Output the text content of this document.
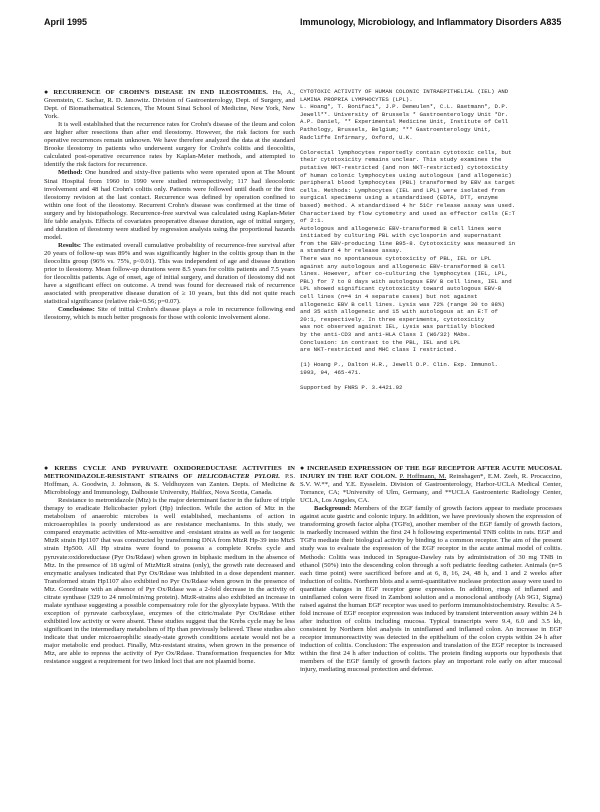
April 1995	Immunology, Microbiology, and Inflammatory Disorders A835

● RECURRENCE OF CROHN'S DISEASE IN END ILEOSTOMIES. Hu, A., Greenstein, C. Sachar, R. D. Janowitz. Division of Gastroenterology, Dept. of Surgery, and Dept. of Biomathematical Sciences, The Mount Sinai School of Medicine, New York, New York.

It is well established that the recurrence rates for Crohn's disease of the ileum and colon are higher after resections than after end ileostomy. However, the risk factors for such operative recurrences remain unknown. We have therefore analyzed the data at the standard Brooke ileostomy in patients who underwent surgery for Crohn's colitis and ileocolitis, calculated post-operative recurrence rates by Kaplan-Meier methods, and attempted to identify the risk factors for recurrence.

Method: One hundred and sixty-five patients who were operated upon at The Mount Sinai Hospital from 1960 to 1990 were studied retrospectively; 117 had ileocolonic involvement and 48 had Crohn's colitis only. Patients were followed until death or the first ileostomy revision at the last contact. Recurrence was defined by operation confined to within one foot of the ileostomy. Recurrent Crohn's disease was confirmed at the time of surgery and by histopathology. Recurrence-free survival was calculated using Kaplan-Meier life table analysis. Effects of covariates preoperative disease duration, age of initial surgery, and duration of ileostomy were studied by regression analysis using the proportional hazards model.

Results: The estimated overall cumulative probability of recurrence-free survival after 20 years of follow-up was 89% and was significantly higher in the colitis group than in the ileocolitis group (96% vs. 75%, p<0.01). This was independent of age and disease duration prior to ileostomy. Mean follow-up durations were 8.5 years for colitis patients and 7.5 years for ileocolitis patients. Age of onset, age of initial surgery, and duration of ileostomy did not have a significant effect on outcome. A trend was found for decreased risk of recurrence associated with preoperative disease duration of ≥ 10 years, but this did not quite reach statistical significance (relative risk=0.56; p=0.07).

Conclusions: Site of initial Crohn's disease plays a role in recurrence following end ileostomy, which is much better prognosis for those with colonic involvement alone.

CYTOTOXIC ACTIVITY OF HUMAN COLONIC INTRAEPITHELIAL (IEL) AND
LAMINA PROPRIA LYMPHOCYTES (LPL).
L. Hoang*, T. Bonifaci*, J.P. Demeulen*, C.L. Baetmann*, D.P.
Jewell**. University of Brussels * Gastroenterology Unit *Dr.
A.P. Daniel, ** Experimental Medicine Unit, Institute of Cell
Pathology, Brussels, Belgium; *** Gastroenterology Unit,
Radcliffe Infirmary, Oxford, U.K.

Colorectal lymphocytes reportedly contain cytotoxic cells, but
their cytotoxicity remains unclear. This study examines the
putative NKT-restricted (and non NKT-restricted) cytotoxicity
of human colonic lymphocytes using autologous (and allogeneic)
peripheral blood lymphocytes (PBL) transformed by EBV as target
cells. Methods: Lymphocytes (IEL and LPL) were isolated from
surgical specimens using a standardised (EDTA, DTT, enzyme
based) method. A standardised 4 hr 51Cr release assay was used.
Characterised by flow cytometry and used as effector cells (E:T
of 2:1.
Autologous and allogeneic EBV-transformed B cell lines were
initiated by culturing PBL with cyclosporin and supernatant
from the EBV-producing line B95-8. Cytotoxicity was measured in
a standard 4 hr release assay.
There was no spontaneous cytotoxicity of PBL, IEL or LPL
against any autologous and allogeneic EBV-transformed B cell
lines. However, after co-culturing the lymphocytes (IEL, LPL,
PBL) for 7 to 8 days with autologous EBV B cell lines, IEL and
LPL showed significant cytotoxicity toward autologous EBV-B
cell lines (n=4 in 4 separate cases) but not against
allogeneic EBV B cell lines. Lysis was 72% (range 30 to 88%)
and 35 with allogeneic and 15 with autologous at an E:T of
20:1, respectively. In three experiments, cytotoxicity
was not observed against IEL, Lysis was partially blocked
by the anti-CD3 and anti-HLA Class I (W6/32) MAbs.
Conclusion: in contrast to the PBL, IEL and LPL
are NKT-restricted and MHC class I restricted.

(1) Hoang P., Dalton H.R., Jewell D.P. Clin. Exp. Immunol.
1993, 94, 465-471.

Supported by FNRS P. 3.4421.92

● KREBS CYCLE AND PYRUVATE OXIDOREDUCTASE ACTIVITIES IN METRONIDAZOLE-RESISTANT STRAINS OF HELICOBACTER PYLORI. P.S. Hoffman, A. Goodwin, J. Johnson, & S. Veldhuyzen van Zanten. Depts. of Medicine & Microbiology and Immunology, Dalhousie University, Halifax, Nova Scotia, Canada.

Resistance to metronidazole (Mtz) is the major determinant factor in the failure of triple therapy to eradicate Helicobacter pylori (Hp) infection. While the action of Mtz in the metabolism of anaerobic microbes is well established, mechanisms of action in microaerophiles is poorly understood as are resistance mechanisms. In this study, we compared enzymatic activities of Mtz-sensitive and -resistant strains as well as for isogenic MtzR strain Hp1107 that was constructed by transforming DNA from MtzR Hp-39 into MtzS strain Hp500. All Hp strains were found to possess a complete Krebs cycle and pyruvate:oxidoreductase (Pyr Ox/Rdase) when grown in biphasic medium in the absence of Mtz. In the presence of 18 ug/ml of MtzMtzR strains (only), the growth rate decreased and enzymatic analyses indicated that Pyr Ox/Rdase was inhibited in a dose dependent manner. Transformed strain Hp1107 also exhibited no Pyr Ox/Rdase when grown in the presence of Mtz. Coordinate with an absence of Pyr Ox/Rdase was a 2-fold decrease in the activity of citrate synthase (329 to 24 nmol/min/mg protein). MtzR-strains also exhibited an increase in malate synthase suggesting a possible compensatory role for the glyoxylate bypass. With the exception of pyruvate carboxylase, enzymes of the citric/malate Pyr Ox/Rdase either exhibited low activity or were absent. These studies suggest that the Krebs cycle may be less significant in the intermediary metabolism of Hp than previously believed. These studies also indicate that under microaerophilic steady-state growth conditions acetate would not be a major metabolic end product. Finally, Mtz-resistant strains, when grown in the presence of Mtz, are able to repress the activity of Pyr Ox/Rdase. Transformation frequencies for Mtz resistance suggest a requirement for two linked loci that are not plasmid borne.

● INCREASED EXPRESSION OF THE EGF RECEPTOR AFTER ACUTE MUCOSAL INJURY IN THE RAT COLON. P. Hoffmann, M. Reinshagen*, E.M. Zeeh, R. Procaccino, S.V. W.**, and Y.E. Eysselein. Division of Gastroenterology, Harbor-UCLA Medical Center, Torrance, CA; *University of Ulm, Germany, and **UCLA Gastroenteric Radiology Center, UCLA, Los Angeles, CA.

Background: Members of the EGF family of growth factors appear to mediate processes against acute gastric and colonic injury. In addition, we have previously shown the expression of transforming growth factor alpha (TGFα), another member of the EGF family of growth factors, is markedly increased within the first 24 h following experimental TNB colitis in rats. EGF and TGFα mediate their biological activity by binding to a common receptor. The aim of the present study was to evaluate the expression of the EGF receptor in the acute animal model of colitis. Methods: Colitis was induced in Sprague-Dawley rats by administration of 30 mg TNB in ethanol (50%) into the descending colon through a soft pediatric feeding catheter. Animals (n=5 each time point) were sacrificed before and at 6, 8, 16, 24, 48 h, and 1 and 2 weeks after induction of colitis. Northern blots and a semi-quantitative nuclease protection assay were used to quantitate changes in EGF receptor gene expression. In addition, rings of inflamed and uninflamed colon were fixed in Zamboni solution and a monoclonal antibody (Ab 9G1, Sigma) raised against the human EGF receptor was used to perform immunohistochemistry. Results: A 5-fold increase of EGF receptor expression was induced by transient intervention assay within 24 h after induction of colitis including mucosa. Typical transcripts were 9.4, 6.0 and 3.5 kb, consistent by Northern blot analysis in uninflamed and inflamed colon. An increase in EGF receptor immunoreactivity was detected in the epithelium of the colon crypts within 24 h after induction of colitis. Conclusion: The expression and translation of the EGF receptor is increased within the first 24 h after induction of colitis. The protein finding supports our hypothesis that members of the EGF family of growth factors play an important role early on after mucosal injury, mediating mucosal protection and defense.
